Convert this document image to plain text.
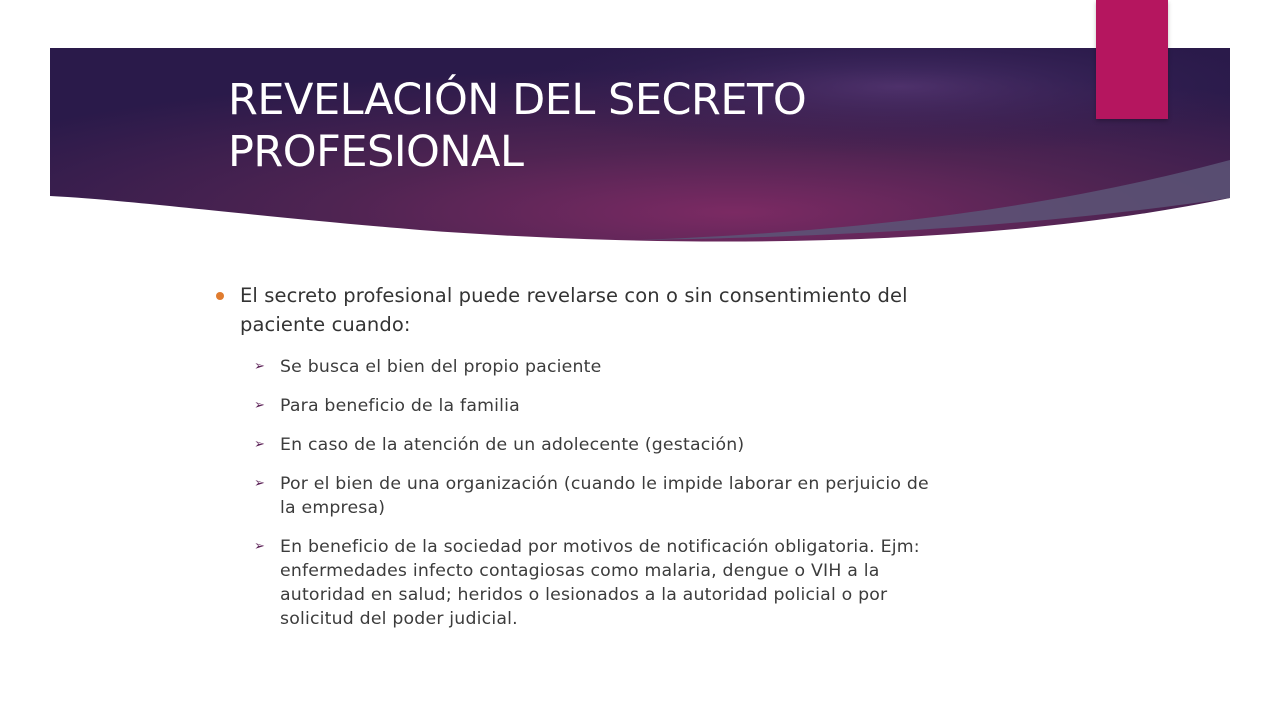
REVELACIÓN DEL SECRETO
PROFESIONAL
El secreto profesional puede revelarse con o sin consentimiento del
paciente cuando:
➢ Se busca el bien del propio paciente
➢ Para beneficio de la familia
➢ En caso de la atención de un adolecente (gestación)
➢ Por el bien de una organización (cuando le impide laborar en perjuicio de
la empresa)
➢ En beneficio de la sociedad por motivos de notificación obligatoria. Ejm:
enfermedades infecto contagiosas como malaria, dengue o VIH a la
autoridad en salud; heridos o lesionados a la autoridad policial o por
solicitud del poder judicial.
